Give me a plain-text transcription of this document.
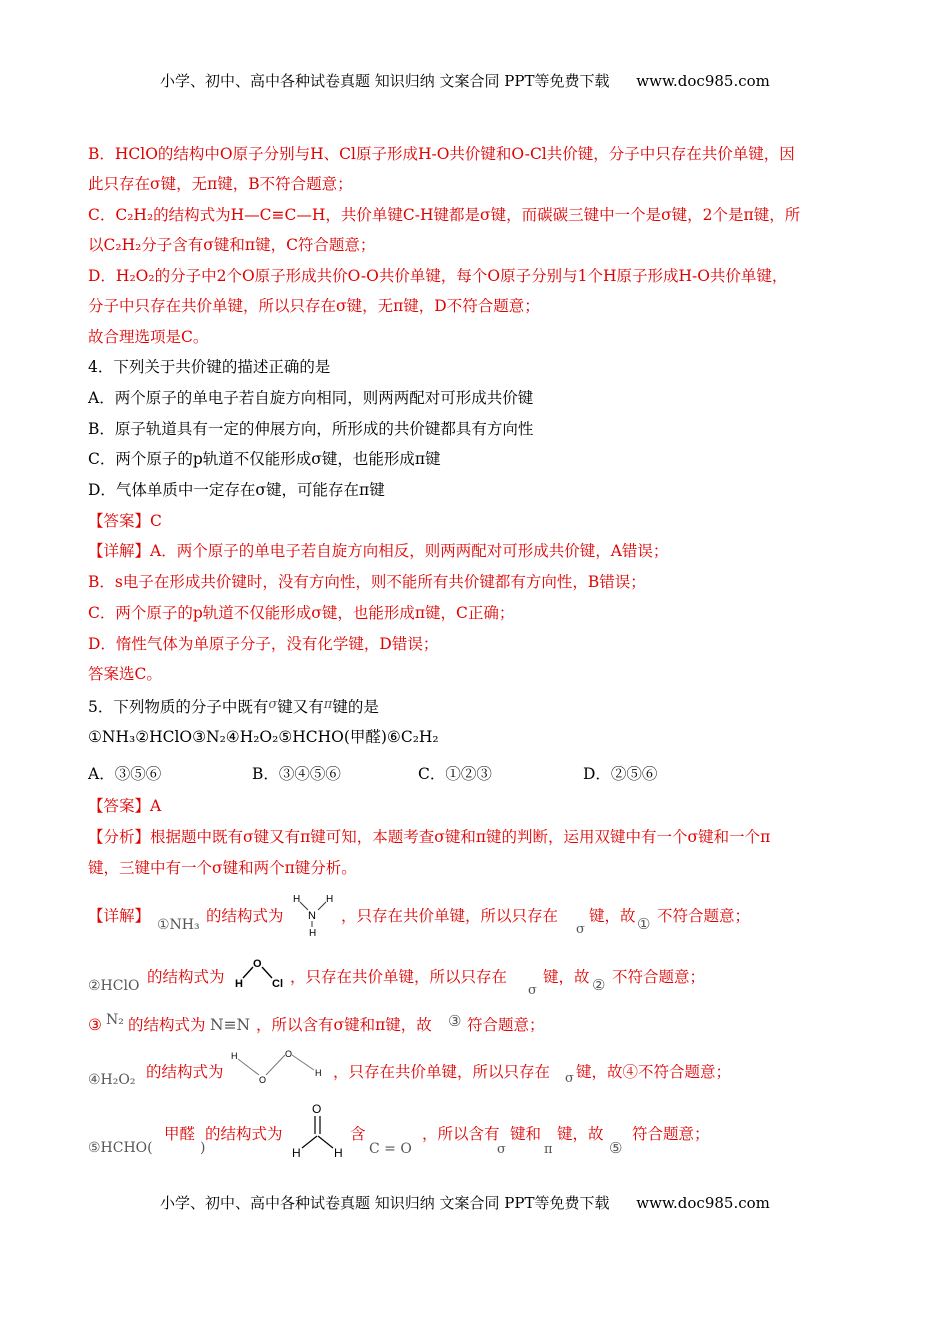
小学、初中、高中各种试卷真题 知识归纳 文案合同 PPT等免费下载 www.doc985.com
B．HClO的结构中O原子分别与H、Cl原子形成H-O共价键和O-Cl共价键，分子中只存在共价单键，因
此只存在σ键，无π键，B不符合题意；
C．C₂H₂的结构式为H—C≡C—H，共价单键C-H键都是σ键，而碳碳三键中一个是σ键，2个是π键，所
以C₂H₂分子含有σ键和π键，C符合题意；
D．H₂O₂的分子中2个O原子形成共价O-O共价单键，每个O原子分别与1个H原子形成H-O共价单键，
分子中只存在共价单键，所以只存在σ键，无π键，D不符合题意；
故合理选项是C。
4．下列关于共价键的描述正确的是
A．两个原子的单电子若自旋方向相同，则两两配对可形成共价键
B．原子轨道具有一定的伸展方向，所形成的共价键都具有方向性
C．两个原子的p轨道不仅能形成σ键，也能形成π键
D．气体单质中一定存在σ键，可能存在π键
【答案】C
【详解】A．两个原子的单电子若自旋方向相反，则两两配对可形成共价键，A错误；
B．s电子在形成共价键时，没有方向性，则不能所有共价键都有方向性，B错误；
C．两个原子的p轨道不仅能形成σ键，也能形成π键，C正确；
D．惰性气体为单原子分子，没有化学键，D错误；
答案选C。
5．下列物质的分子中既有$^\sigma$键又有$^\pi$键的是
①NH₃②HClO③N₂④H₂O₂⑤HCHO(甲醛)⑥C₂H₂
A．③⑤⑥	B．③④⑤⑥	C．①②③	D．②⑤⑥
【答案】A
【分析】根据题中既有σ键又有π键可知，本题考查σ键和π键的判断，运用双键中有一个σ键和一个π
键，三键中有一个σ键和两个π键分析。
【详解】 ①NH₃ 的结构式为
H	H
N
H
，只存在共价单键，所以只存在
σ
键，故 ① 不符合题意；
②HClO 的结构式为
O
H	Cl ，只存在共价单键，所以只存在
σ
键，故 ② 不符合题意；
③ N₂ 的结构式为 N≡N ，所以含有σ键和π键，故 ③ 符合题意；
④H₂O₂ 的结构式为
H
O
O
H ，只存在共价单键，所以只存在 σ 键，故④不符合题意；
⑤HCHO(
甲醛
)
的结构式为
O
H	H
含
C = O
，所以含有
σ
键和
π
键，故
⑤
符合题意；
小学、初中、高中各种试卷真题 知识归纳 文案合同 PPT等免费下载 www.doc985.com
